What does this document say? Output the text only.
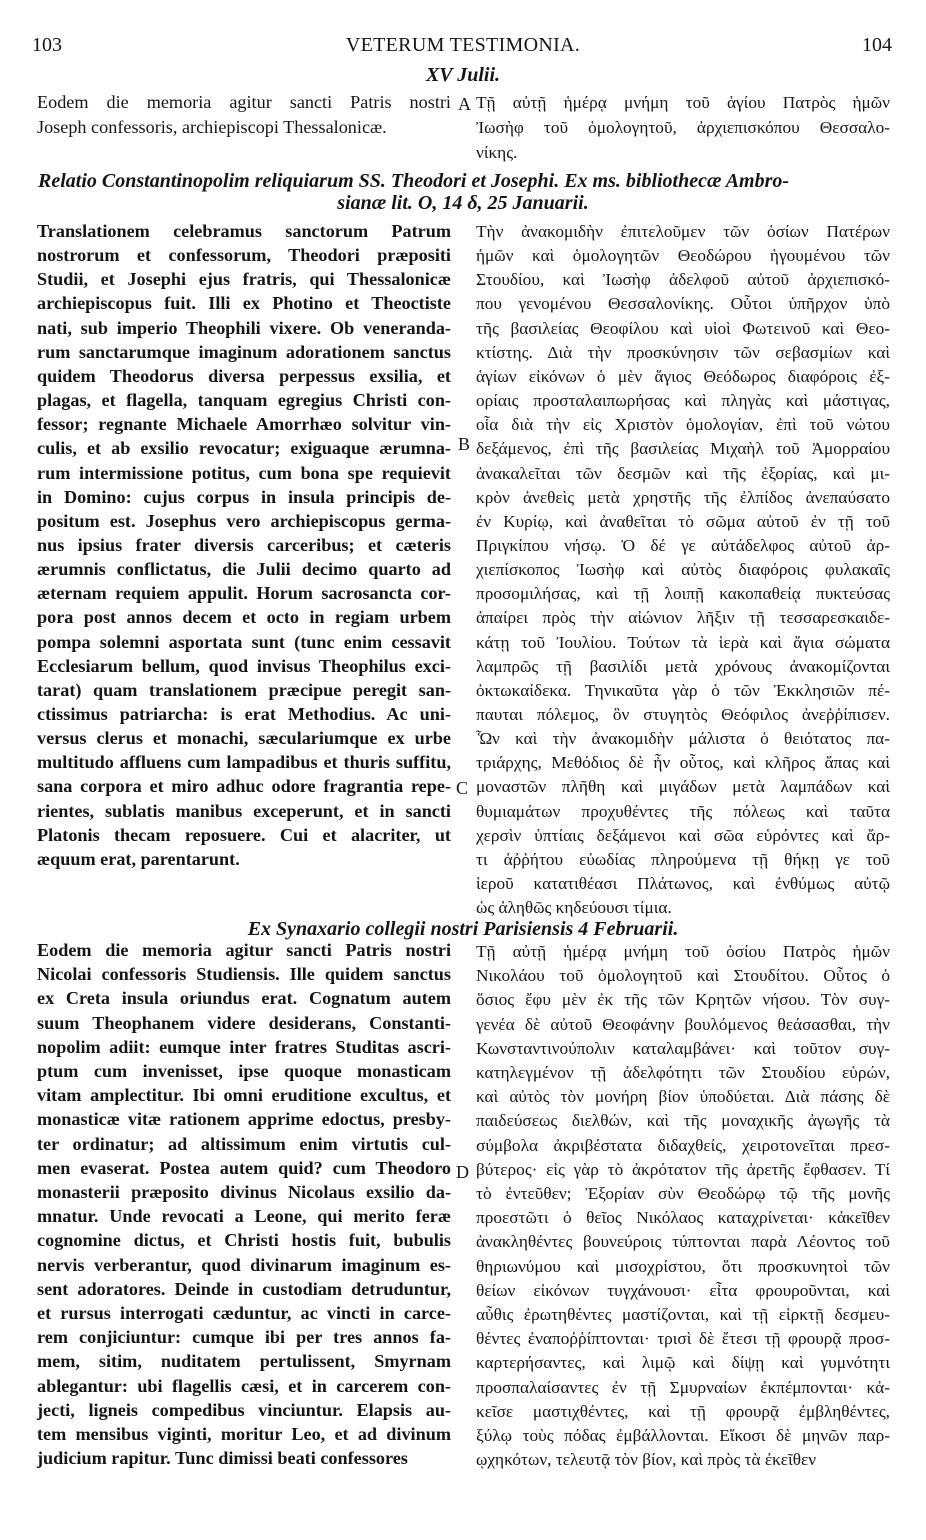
103	VETERUM TESTIMONIA.	104
XV Julii.
Eodem die memoria agitur sancti Patris nostri
Joseph confessoris, archiepiscopi Thessalonicæ.
Τῇ αὐτῇ ἡμέρᾳ μνήμη τοῦ ἁγίου Πατρὸς ἡμῶν
Ἰωσὴφ τοῦ ὁμολογητοῦ, ἀρχιεπισκόπου Θεσσαλο-
νίκης.
Relatio Constantinopolim reliquiarum SS. Theodori et Josephi. Ex ms. bibliothecæ Ambro-
sianæ lit. O, 14 δ, 25 Januarii.
Translationem celebramus sanctorum Patrum
nostrorum et confessorum, Theodori præpositi
Studii, et Josephi ejus fratris, qui Thessalonicæ
archiepiscopus fuit. Illi ex Photino et Theoctiste
nati, sub imperio Theophili vixere. Ob veneranda-
rum sanctarumque imaginum adorationem sanctus
quidem Theodorus diversa perpessus exsilia, et
plagas, et flagella, tanquam egregius Christi con-
fessor; regnante Michaele Amorrhæo solvitur vin-
culis, et ab exsilio revocatur; exiguaque ærumna-
rum intermissione potitus, cum bona spe requievit
in Domino: cujus corpus in insula principis de-
positum est. Josephus vero archiepiscopus germa-
nus ipsius frater diversis carceribus; et cæteris
ærumnis conflictatus, die Julii decimo quarto ad
æternam requiem appulit. Horum sacrosancta cor-
pora post annos decem et octo in regiam urbem
pompa solemni asportata sunt (tunc enim cessavit
Ecclesiarum bellum, quod invisus Theophilus exci-
tarat) quam translationem præcipue peregit san-
ctissimus patriarcha: is erat Methodius. Ac uni-
versus clerus et monachi, sæculariumque ex urbe
multitudo affluens cum lampadibus et thuris suffitu,
sana corpora et miro adhuc odore fragrantia repe-
rientes, sublatis manibus exceperunt, et in sancti
Platonis thecam reposuere. Cui et alacriter, ut
æquum erat, parentarunt.
Τὴν ἀνακομιδὴν ἐπιτελοῦμεν τῶν ὁσίων Πατέρων
ἡμῶν καὶ ὁμολογητῶν Θεοδώρου ἡγουμένου τῶν
Στουδίου, καὶ Ἰωσὴφ ἀδελφοῦ αὐτοῦ ἀρχιεπισκό-
που γενομένου Θεσσαλονίκης. Οὗτοι ὑπῆρχον ὑπὸ
τῆς βασιλείας Θεοφίλου καὶ υἱοὶ Φωτεινοῦ καὶ Θεο-
κτίστης. Διὰ τὴν προσκύνησιν τῶν σεβασμίων καὶ
ἁγίων εἰκόνων ὁ μὲν ἅγιος Θεόδωρος διαφόροις ἐξ-
ορίαις προσταλαιπωρήσας καὶ πληγὰς καὶ μάστιγας,
οἷα διὰ τὴν εἰς Χριστὸν ὁμολογίαν, ἐπὶ τοῦ νώτου
δεξάμενος, ἐπὶ τῆς βασιλείας Μιχαὴλ τοῦ Ἀμορραίου
ἀνακαλεῖται τῶν δεσμῶν καὶ τῆς ἐξορίας, καὶ μι-
κρὸν ἀνεθεὶς μετὰ χρηστῆς τῆς ἐλπίδος ἀνεπαύσατο
ἐν Κυρίῳ, καὶ ἀναθεῖται τὸ σῶμα αὐτοῦ ἐν τῇ τοῦ
Πριγκίπου νήσῳ. Ὁ δέ γε αὐτάδελφος αὐτοῦ ἀρ-
χιεπίσκοπος Ἰωσὴφ καὶ αὐτὸς διαφόροις φυλακαῖς
προσομιλήσας, καὶ τῇ λοιπῇ κακοπαθείᾳ πυκτεύσας
ἀπαίρει πρὸς τὴν αἰώνιον λῆξιν τῇ τεσσαρεσκαιδε-
κάτῃ τοῦ Ἰουλίου. Τούτων τὰ ἱερὰ καὶ ἅγια σώματα
λαμπρῶς τῇ βασιλίδι μετὰ χρόνους ἀνακομίζονται
ὀκτωκαίδεκα. Τηνικαῦτα γὰρ ὁ τῶν Ἐκκλησιῶν πέ-
παυται πόλεμος, ὃν στυγητὸς Θεόφιλος ἀνεῤῥίπισεν.
Ὧν καὶ τὴν ἀνακομιδὴν μάλιστα ὁ θειότατος πα-
τριάρχης, Μεθόδιος δὲ ἦν οὗτος, καὶ κλῆρος ἅπας καὶ
μοναστῶν πλῆθη καὶ μιγάδων μετὰ λαμπάδων καὶ
θυμιαμάτων προχυθέντες τῆς πόλεως καὶ ταῦτα
χερσὶν ὑπτίαις δεξάμενοι καὶ σῶα εὑρόντες καὶ ἄρ-
τι ἀῤῥήτου εὐωδίας πληρούμενα τῇ θήκῃ γε τοῦ
ἱεροῦ κατατιθέασι Πλάτωνος, καὶ ἐνθύμως αὐτῷ
ὡς ἀληθῶς κηδεύουσι τίμια.
Ex Synaxario collegii nostri Parisiensis 4 Februarii.
Eodem die memoria agitur sancti Patris nostri
Nicolai confessoris Studiensis. Ille quidem sanctus
ex Creta insula oriundus erat. Cognatum autem
suum Theophanem videre desiderans, Constanti-
nopolim adiit: eumque inter fratres Studitas ascri-
ptum cum invenisset, ipse quoque monasticam
vitam amplectitur. Ibi omni eruditione excultus, et
monasticæ vitæ rationem apprime edoctus, presby-
ter ordinatur; ad altissimum enim virtutis cul-
men evaserat. Postea autem quid? cum Theodoro
monasterii præposito divinus Nicolaus exsilio da-
mnatur. Unde revocati a Leone, qui merito feræ
cognomine dictus, et Christi hostis fuit, bubulis
nervis verberantur, quod divinarum imaginum es-
sent adoratores. Deinde in custodiam detruduntur,
et rursus interrogati cæduntur, ac vincti in carce-
rem conjiciuntur: cumque ibi per tres annos fa-
mem, sitim, nuditatem pertulissent, Smyrnam
ablegantur: ubi flagellis cæsi, et in carcerem con-
jecti, ligneis compedibus vinciuntur. Elapsis au-
tem mensibus viginti, moritur Leo, et ad divinum
judicium rapitur. Tunc dimissi beati confessores
Τῇ αὐτῇ ἡμέρᾳ μνήμη τοῦ ὁσίου Πατρὸς ἡμῶν
Νικολάου τοῦ ὁμολογητοῦ καὶ Στουδίτου. Οὗτος ὁ
ὅσιος ἔφυ μὲν ἐκ τῆς τῶν Κρητῶν νήσου. Τὸν συγ-
γενέα δὲ αὐτοῦ Θεοφάνην βουλόμενος θεάσασθαι, τὴν
Κωνσταντινούπολιν καταλαμβάνει· καὶ τοῦτον συγ-
κατηλεγμένον τῇ ἀδελφότητι τῶν Στουδίου εὑρών,
καὶ αὐτὸς τὸν μονήρη βίον ὑποδύεται. Διὰ πάσης δὲ
παιδεύσεως διελθών, καὶ τῆς μοναχικῆς ἀγωγῆς τὰ
σύμβολα ἀκριβέστατα διδαχθείς, χειροτονεῖται πρεσ-
βύτερος· εἰς γὰρ τὸ ἀκρότατον τῆς ἀρετῆς ἔφθασεν. Τί
τὸ ἐντεῦθεν; Ἐξορίαν σὺν Θεοδώρῳ τῷ τῆς μονῆς
προεστῶτι ὁ θεῖος Νικόλαος καταχρίνεται· κἀκεῖθεν
ἀνακληθέντες βουνεύροις τύπτονται παρὰ Λέοντος τοῦ
θηριωνύμου καὶ μισοχρίστου, ὅτι προσκυνητοὶ τῶν
θείων εἰκόνων τυγχάνουσι· εἶτα φρουροῦνται, καὶ
αὖθις ἐρωτηθέντες μαστίζονται, καὶ τῇ εἱρκτῇ δεσμευ-
θέντες ἐναποῤῥίπτονται· τρισὶ δὲ ἔτεσι τῇ φρουρᾷ προσ-
καρτερήσαντες, καὶ λιμῷ καὶ δίψῃ καὶ γυμνότητι
προσπαλαίσαντες ἐν τῇ Σμυρναίων ἐκπέμπονται· κἀ-
κεῖσε μαστιχθέντες, καὶ τῇ φρουρᾷ ἐμβληθέντες,
ξύλῳ τοὺς πόδας ἐμβάλλονται. Εἴκοσι δὲ μηνῶν παρ-
ῳχηκότων, τελευτᾷ τὸν βίον, καὶ πρὸς τὰ ἐκεῖθεν
A
B
C
D
